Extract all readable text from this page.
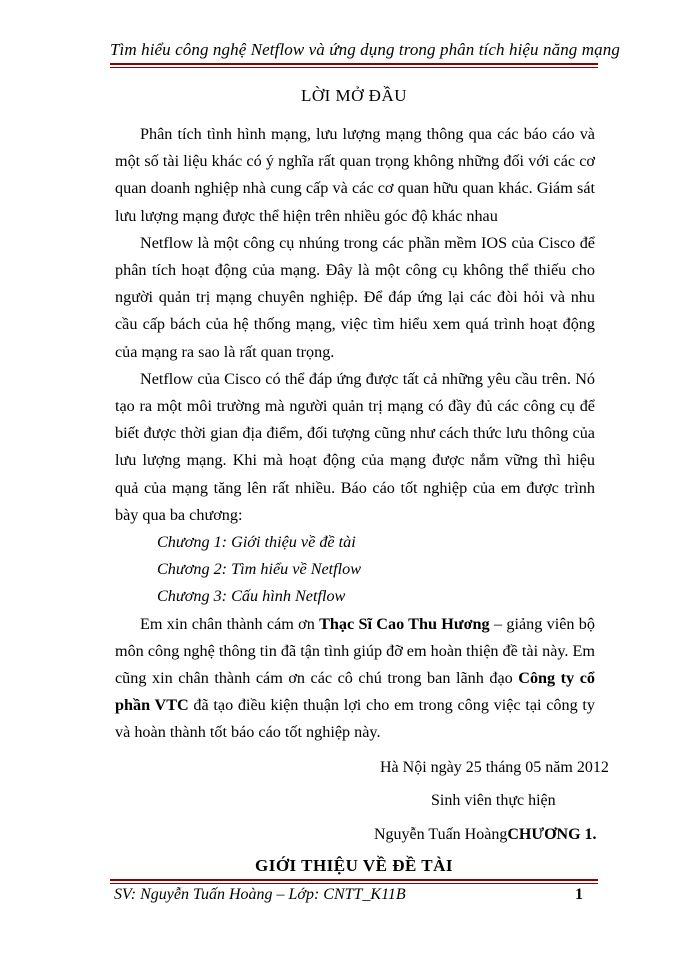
Tìm hiểu công nghệ Netflow và ứng dụng trong phân tích hiệu năng mạng
LỜI MỞ ĐẦU

Phân tích tình hình mạng, lưu lượng mạng thông qua các báo cáo và một số tài liệu khác có ý nghĩa rất quan trọng không những đối với các cơ quan doanh nghiệp nhà cung cấp và các cơ quan hữu quan khác. Giám sát lưu lượng mạng được thể hiện trên nhiều góc độ khác nhau

Netflow là một công cụ nhúng trong các phần mềm IOS của Cisco để phân tích hoạt động của mạng. Đây là một công cụ không thể thiếu cho người quản trị mạng chuyên nghiệp. Để đáp ứng lại các đòi hỏi và nhu cầu cấp bách của hệ thống mạng, việc tìm hiểu xem quá trình hoạt động của mạng ra sao là rất quan trọng.

Netflow của Cisco có thể đáp ứng được tất cả những yêu cầu trên. Nó tạo ra một môi trường mà người quản trị mạng có đầy đủ các công cụ để biết được thời gian địa điểm, đối tượng cũng như cách thức lưu thông của lưu lượng mạng. Khi mà hoạt động của mạng được nắm vững thì hiệu quả của mạng tăng lên rất nhiều. Báo cáo tốt nghiệp của em được trình bày qua ba chương:

Chương 1: Giới thiệu về đề tài
Chương 2: Tìm hiểu về Netflow
Chương 3: Cấu hình Netflow

Em xin chân thành cám ơn Thạc Sĩ Cao Thu Hương – giảng viên bộ môn công nghệ thông tin đã tận tình giúp đỡ em hoàn thiện đề tài này. Em cũng xin chân thành cám ơn các cô chú trong ban lãnh đạo Công ty cổ phần VTC đã tạo điều kiện thuận lợi cho em trong công việc tại công ty và hoàn thành tốt báo cáo tốt nghiệp này.

Hà Nội ngày 25 tháng 05 năm 2012
Sinh viên thực hiện
Nguyễn Tuấn HoàngCHƯƠNG 1.
GIỚI THIỆU VỀ ĐỀ TÀI
SV: Nguyễn Tuấn Hoàng – Lớp: CNTT_K11B	1
